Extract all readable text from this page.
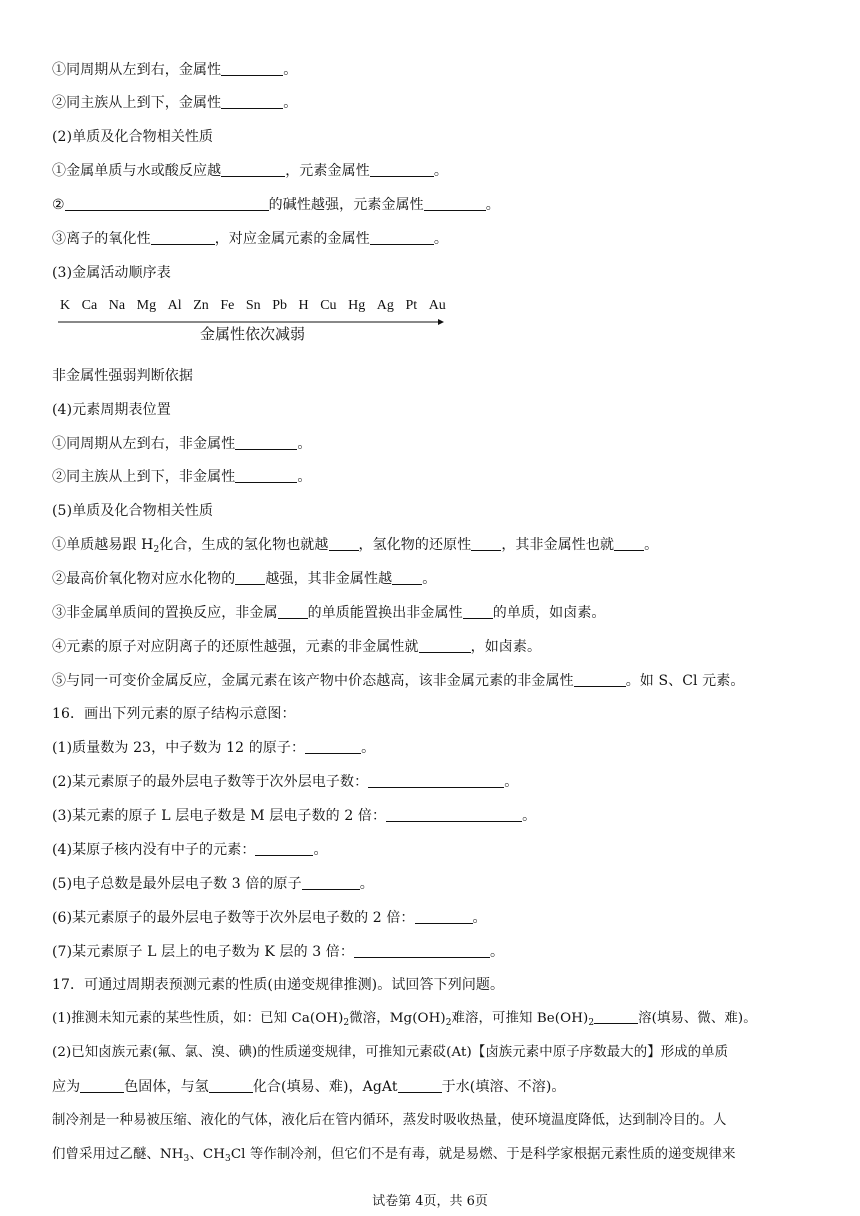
①同周期从左到右，金属性	。
②同主族从上到下，金属性	。
(2)单质及化合物相关性质
①金属单质与水或酸反应越	，元素金属性	。
②	的碱性越强，元素金属性	。
③离子的氧化性	，对应金属元素的金属性	。
(3)金属活动顺序表
K Ca Na Mg Al Zn Fe Sn Pb H Cu Hg Ag Pt Au
金属性依次减弱
非金属性强弱判断依据
(4)元素周期表位置
①同周期从左到右，非金属性	。
②同主族从上到下，非金属性	。
(5)单质及化合物相关性质
①单质越易跟 $H_2$化合，生成的氢化物也就越 ，氢化物的还原性 ，其非金属性也就 。
②最高价氧化物对应水化物的 越强，其非金属性越 。
③非金属单质间的置换反应，非金属 的单质能置换出非金属性 的单质，如卤素。
④元素的原子对应阴离子的还原性越强，元素的非金属性就	，如卤素。
⑤与同一可变价金属反应，金属元素在该产物中价态越高，该非金属元素的非金属性	。如 S、Cl 元素。
16．画出下列元素的原子结构示意图：
(1)质量数为 23，中子数为 12 的原子：	。
(2)某元素原子的最外层电子数等于次外层电子数：	。
(3)某元素的原子 L 层电子数是 M 层电子数的 2 倍：	。
(4)某原子核内没有中子的元素：	。
(5)电子总数是最外层电子数 3 倍的原子	。
(6)某元素原子的最外层电子数等于次外层电子数的 2 倍：	。
(7)某元素原子 L 层上的电子数为 K 层的 3 倍：	。
17．可通过周期表预测元素的性质(由递变规律推测)。试回答下列问题。
(1)推测未知元素的某些性质，如：已知 $Ca(OH)_2$微溶，$Mg(OH)_2$难溶，可推知 $Be(OH)_2$	溶(填易、微、难)。
(2)已知卤族元素(氟、氯、溴、碘)的性质递变规律，可推知元素砹(At)【卤族元素中原子序数最大的】形成的单质
应为	色固体，与氢	化合(填易、难)，AgAt	于水(填溶、不溶)。
制冷剂是一种易被压缩、液化的气体，液化后在管内循环，蒸发时吸收热量，使环境温度降低，达到制冷目的。人
们曾采用过乙醚、$NH_3$、$CH_3Cl$ 等作制冷剂，但它们不是有毒，就是易燃、于是科学家根据元素性质的递变规律来
试卷第 4页，共 6页
